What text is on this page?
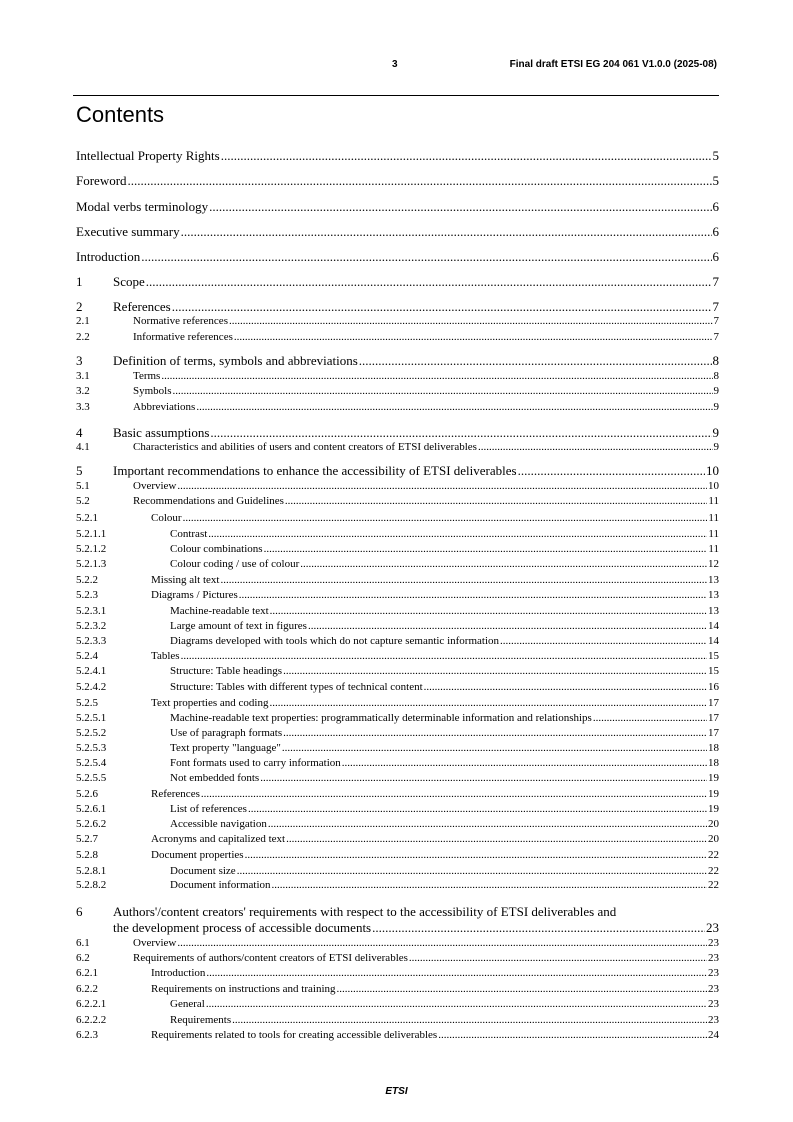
3	Final draft ETSI EG 204 061 V1.0.0 (2025-08)
Contents
Intellectual Property Rights .....	5
Foreword .....	5
Modal verbs terminology .....	6
Executive summary .....	6
Introduction .....	6
1	Scope .....	7
2	References .....	7
2.1	Normative references .....	7
2.2	Informative references .....	7
3	Definition of terms, symbols and abbreviations .....	8
3.1	Terms .....	8
3.2	Symbols .....	9
3.3	Abbreviations .....	9
4	Basic assumptions .....	9
4.1	Characteristics and abilities of users and content creators of ETSI deliverables .....	9
5	Important recommendations to enhance the accessibility of ETSI deliverables .....	10
5.1	Overview .....	10
5.2	Recommendations and Guidelines .....	11
5.2.1	Colour .....	11
5.2.1.1	Contrast .....	11
5.2.1.2	Colour combinations .....	11
5.2.1.3	Colour coding / use of colour .....	12
5.2.2	Missing alt text .....	13
5.2.3	Diagrams / Pictures .....	13
5.2.3.1	Machine-readable text .....	13
5.2.3.2	Large amount of text in figures .....	14
5.2.3.3	Diagrams developed with tools which do not capture semantic information .....	14
5.2.4	Tables .....	15
5.2.4.1	Structure: Table headings .....	15
5.2.4.2	Structure: Tables with different types of technical content .....	16
5.2.5	Text properties and coding .....	17
5.2.5.1	Machine-readable text properties: programmatically determinable information and relationships .....	17
5.2.5.2	Use of paragraph formats .....	17
5.2.5.3	Text property "language" .....	18
5.2.5.4	Font formats used to carry information .....	18
5.2.5.5	Not embedded fonts .....	19
5.2.6	References .....	19
5.2.6.1	List of references .....	19
5.2.6.2	Accessible navigation .....	20
5.2.7	Acronyms and capitalized text .....	20
5.2.8	Document properties .....	22
5.2.8.1	Document size .....	22
5.2.8.2	Document information .....	22
6 Authors'/content creators' requirements with respect to the accessibility of ETSI deliverables and
the development process of accessible documents .....	23
6.1	Overview .....	23
6.2	Requirements of authors/content creators of ETSI deliverables .....	23
6.2.1	Introduction .....	23
6.2.2	Requirements on instructions and training .....	23
6.2.2.1	General .....	23
6.2.2.2	Requirements .....	23
6.2.3	Requirements related to tools for creating accessible deliverables .....	24
ETSI
